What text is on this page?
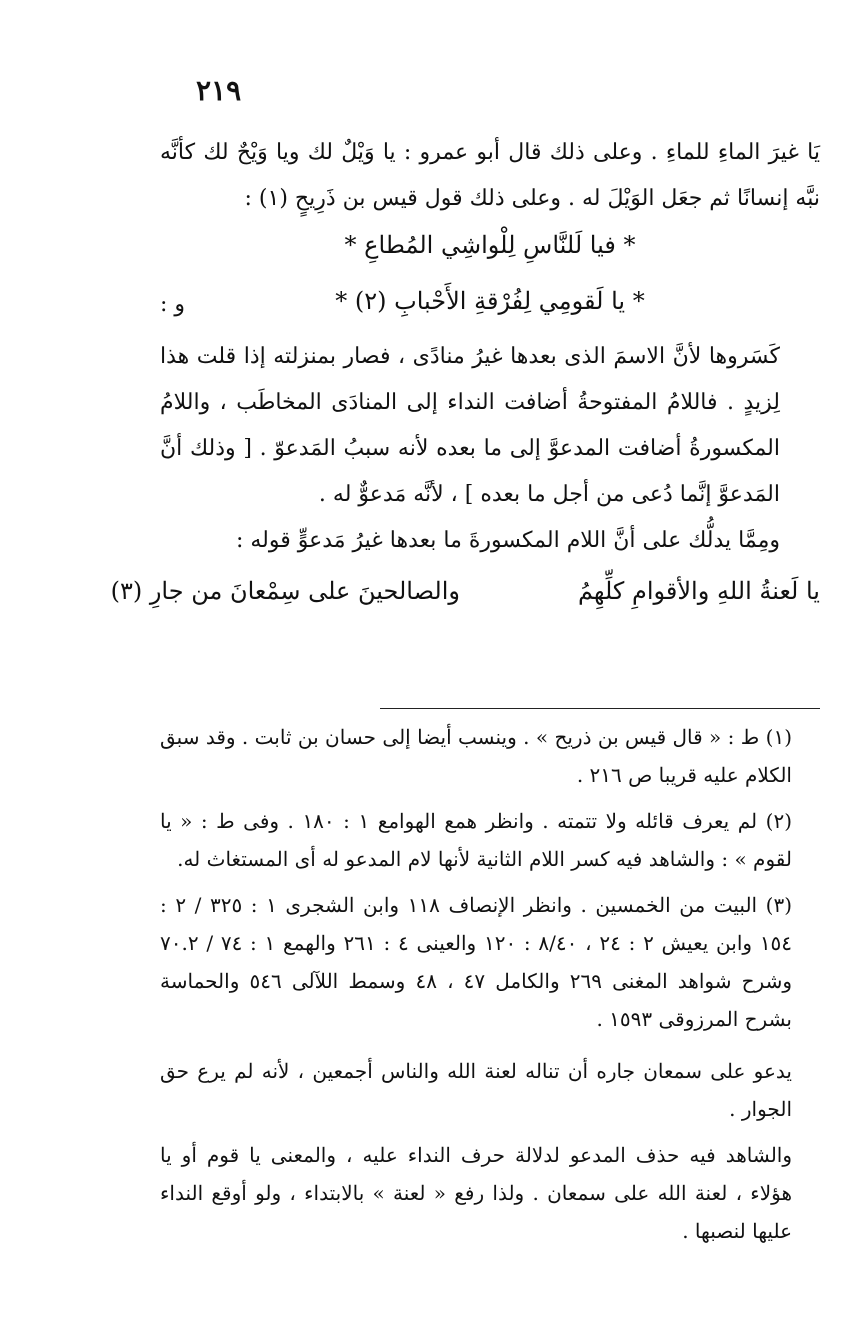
٢١٩

يَا غيرَ الماءِ للماءِ . وعلى ذلك قال أبو عمرو : يا وَيْلٌ لك ويا وَيْحٌ لك كأنَّه نبَّه إنسانًا ثم جعَل الوَيْلَ له . وعلى ذلك قول قيس بن ذَرِيحٍ (١) :

* فيا لَلنَّاسِ لِلْواشِي المُطاعِ *
و :	* يا لَقومِي لِفُرْقةِ الأَحْبابِ (٢) *

كَسَروها لأنَّ الاسمَ الذى بعدها غيرُ منادًى ، فصار بمنزلته إذا قلت هذا لِزيدٍ . فاللامُ المفتوحةُ أضافت النداء إلى المنادَى المخاطَب ، واللامُ المكسورةُ أضافت المدعوَّ إلى ما بعده لأنه سببُ المَدعوّ . [ وذلك أنَّ المَدعوَّ إنَّما دُعى من أجل ما بعده ] ، لأنَّه مَدعوٌّ له .

ومِمَّا يدلُّك على أنَّ اللام المكسورةَ ما بعدها غيرُ مَدعوٍّ قوله :

يا لَعنةُ اللهِ والأقوامِ كلِّهِمُ
والصالحينَ على سِمْعانَ من جارِ (٣)

(١) ط : « قال قيس بن ذريح » . وينسب أيضا إلى حسان بن ثابت . وقد سبق الكلام عليه قريبا ص ٢١٦ .

(٢) لم يعرف قائله ولا تتمته . وانظر همع الهوامع ١ : ١٨٠ . وفى ط : « يا لقوم » : والشاهد فيه كسر اللام الثانية لأنها لام المدعو له أى المستغاث له.

(٣) البيت من الخمسين . وانظر الإنصاف ١١٨ وابن الشجرى ١ : ٣٢٥ / ٢ : ١٥٤ وابن يعيش ٢ : ٢٤ ، ٨/٤٠ : ١٢٠ والعينى ٤ : ٢٦١ والهمع ١ : ٧٤ / ٧٠.٢ وشرح شواهد المغنى ٢٦٩ والكامل ٤٧ ، ٤٨ وسمط اللآلى ٥٤٦ والحماسة بشرح المرزوقى ١٥٩٣ .

يدعو على سمعان جاره أن تناله لعنة الله والناس أجمعين ، لأنه لم يرع حق الجوار .

والشاهد فيه حذف المدعو لدلالة حرف النداء عليه ، والمعنى يا قوم أو يا هؤلاء ، لعنة الله على سمعان . ولذا رفع « لعنة » بالابتداء ، ولو أوقع النداء عليها لنصبها .
